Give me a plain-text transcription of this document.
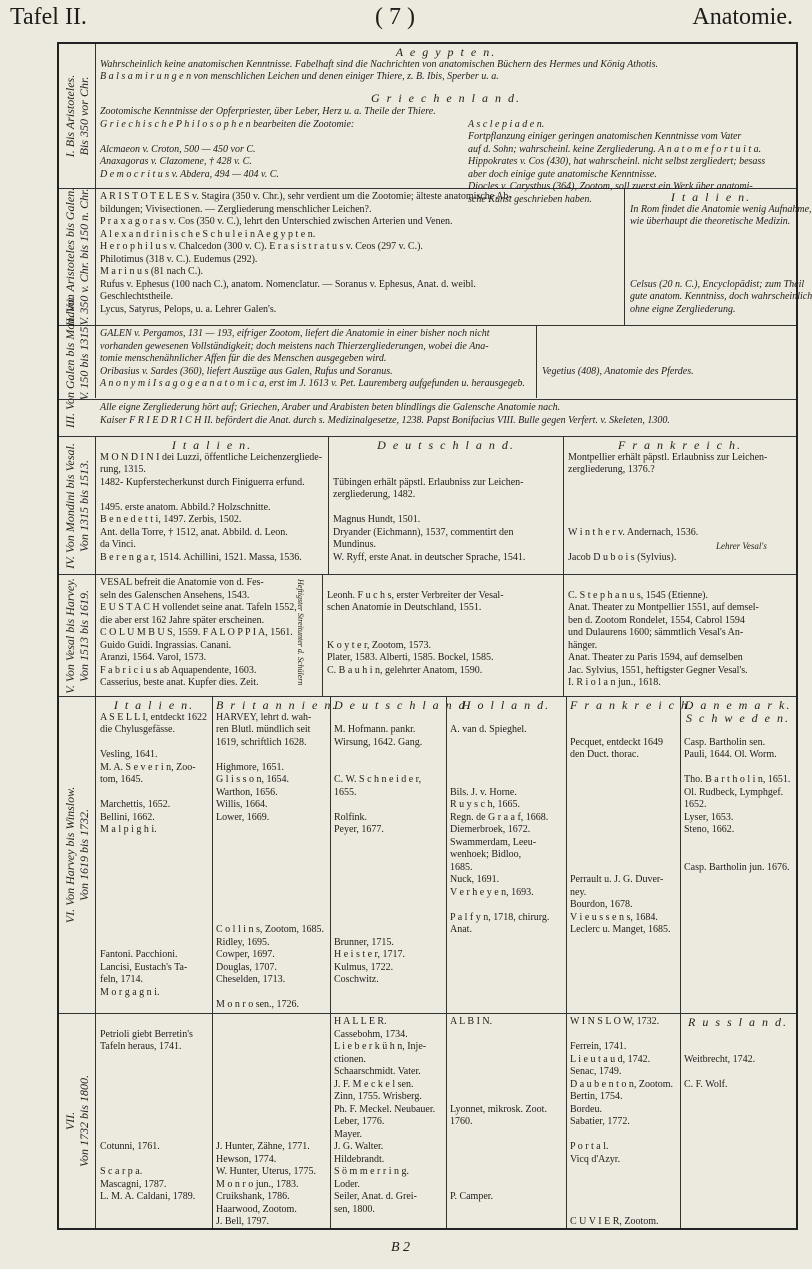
Tafel II.	( 7 )	Anatomie.
I. Bis Aristoteles. Bis 350 vor Chr.
A e g y p t e n.
Wahrscheinlich keine anatomischen Kenntnisse. Fabelhaft sind die Nachrichten von anatomischen Büchern des Hermes und König Athotis.
B a l s a m i r u n g e n von menschlichen Leichen und denen einiger Thiere, z. B. Ibis, Sperber u. a.
G r i e c h e n l a n d.
Zootomische Kenntnisse der Opferpriester, über Leber, Herz u. a. Theile der Thiere.
G r i e c h i s c h e P h i l o s o p h e n bearbeiten die Zootomie:

Alcmaeon v. Croton, 500 — 450 vor C.
Anaxagoras v. Clazomene, † 428 v. C.
D e m o c r i t u s v. Abdera, 494 — 404 v. C.

A s c l e p i a d e n.
Fortpflanzung einiger geringen anatomischen Kenntnisse vom Vater
auf d. Sohn; wahrscheinl. keine Zergliederung. A n a t o m e f o r t u i t a.
Hippokrates v. Cos (430), hat wahrscheinl. nicht selbst zergliedert; besass
aber doch einige gute anatomische Kenntnisse.
Diocles v. Carysthus (364), Zootom, soll zuerst ein Werk über anatomi-
sche Kunst geschrieben haben.
II. Von Aristoteles bis Galen. V. 350 v. Chr. bis 150 n. Chr. A R I S T O T E L E S v. Stagira (350 v. Chr.), sehr verdient um die Zootomie; älteste anatomische Ab-
bildungen; Vivisectionen. — Zergliederung menschlicher Leichen?.
P r a x a g o r a s v. Cos (350 v. C.), lehrt den Unterschied zwischen Arterien und Venen.
A l e x a n d r i n i s c h e S c h u l e i n A e g y p t e n.
H e r o p h i l u s v. Chalcedon (300 v. C). E r a s i s t r a t u s v. Ceos (297 v. C.).
Philotimus (318 v. C.). Eudemus (292).
M a r i n u s (81 nach C.).
Rufus v. Ephesus (100 nach C.), anatom. Nomenclatur. — Soranus v. Ephesus, Anat. d. weibl.
Geschlechtstheile.
Lycus, Satyrus, Pelops, u. a. Lehrer Galen's.
I t a l i e n.
In Rom findet die Anatomie wenig Aufnahme,
wie überhaupt die theoretische Medizin.

Celsus (20 n. C.), Encyclopädist; zum Theil
gute anatom. Kenntniss, doch wahrscheinlich
ohne eigne Zergliederung.
III. Von Galen bis Mondini. V. 150 bis 1315. GALEN v. Pergamos, 131 — 193, eifriger Zootom, liefert die Anatomie in einer bisher noch nicht
vorhanden gewesenen Vollständigkeit; doch meistens nach Thierzergliederungen, wobei die Ana-
tomie menschenähnlicher Affen für die des Menschen ausgegeben wird.
Oribasius v. Sardes (360), liefert Auszüge aus Galen, Rufus und Soranus.
A n o n y m i I s a g o g e a n a t o m i c a, erst im J. 1613 v. Pet. Lauremberg aufgefunden u. herausgegeb.

Vegetius (408), Anatomie des Pferdes.

Alle eigne Zergliederung hört auf; Griechen, Araber und Arabisten beten blindlings die Galensche Anatomie nach.
Kaiser F R I E D R I C H II. befördert die Anat. durch s. Medizinalgesetze, 1238. Papst Bonifacius VIII. Bulle gegen Verfert. v. Skeleten, 1300.
IV. Von Mondini bis Vesal. Von 1315 bis 1513.
I t a l i e n.
M O N D I N I dei Luzzi, öffentliche Leichenzergliede-
rung, 1315.
1482- Kupferstecherkunst durch Finiguerra erfund.

1495. erste anatom. Abbild.? Holzschnitte.
B e n e d e t t i, 1497. Zerbis, 1502.
Ant. della Torre, † 1512, anat. Abbild. d. Leon.
da Vinci.
B e r e n g a r, 1514. Achillini, 1521. Massa, 1536.
D e u t s c h l a n d.

Tübingen erhält päpstl. Erlaubniss zur Leichen-
zergliederung, 1482.

Magnus Hundt, 1501.
Dryander (Eichmann), 1537, commentirt den
Mundinus.
W. Ryff, erste Anat. in deutscher Sprache, 1541.
F r a n k r e i c h.
Montpellier erhält päpstl. Erlaubniss zur Leichen-
zergliederung, 1376.?

W i n t h e r v. Andernach, 1536.

Jacob D u b o i s (Sylvius).
Lehrer Vesal's
V. Von Vesal bis Harvey. Von 1513 bis 1619.
VESAL befreit die Anatomie von d. Fes-
seln des Galenschen Ansehens, 1543.
E U S T A C H vollendet seine anat. Tafeln 1552,
die aber erst 162 Jahre später erscheinen.
C O L U M B U S, 1559. F A L O P P I A, 1561.
Guido Guidi. Ingrassias. Canani.
Aranzi, 1564. Varol, 1573.
F a b r i c i u s ab Aquapendente, 1603.
Casserius, beste anat. Kupfer dies. Zeit.
Heftigster Streitunter d. Schülern

Leonh. F u c h s, erster Verbreiter der Vesal-
schen Anatomie in Deutschland, 1551.

K o y t e r, Zootom, 1573.
Plater, 1583. Alberti, 1585. Bockel, 1585.
C. B a u h i n, gelehrter Anatom, 1590.

C. S t e p h a n u s, 1545 (Etienne).
Anat. Theater zu Montpellier 1551, auf demsel-
ben d. Zootom Rondelet, 1554, Cabrol 1594
und Dulaurens 1600; sämmtlich Vesal's An-
hänger.
Anat. Theater zu Paris 1594, auf demselben
Jac. Sylvius, 1551, heftigster Gegner Vesal's.
I. R i o l a n jun., 1618.
VI. Von Harvey bis Winslow. Von 1619 bis 1732.
I t a l i e n.
A S E L L I, entdeckt 1622
die Chylusgefässe.

Vesling, 1641.
M. A. S e v e r i n, Zoo-
tom, 1645.

Marchettis, 1652.
Bellini, 1662.
M a l p i g h i.

Fantoni. Pacchioni.
Lancisi, Eustach's Ta-
feln, 1714.
M o r g a g n i.
B r i t a n n i e n.
HARVEY, lehrt d. wah-
ren Blutl. mündlich seit
1619, schriftlich 1628.

Highmore, 1651.
G l i s s o n, 1654.
Warthon, 1656.
Willis, 1664.
Lower, 1669.

C o l l i n s, Zootom, 1685.
Ridley, 1695.
Cowper, 1697.
Douglas, 1707.
Cheselden, 1713.

M o n r o sen., 1726.
D e u t s c h l a n d.

M. Hofmann. pankr.
Wirsung, 1642. Gang.

C. W. S c h n e i d e r,
1655.

Rolfink.
Peyer, 1677.

Brunner, 1715.
H e i s t e r, 1717.
Kulmus, 1722.
Coschwitz.
H o l l a n d.

A. van d. Spieghel.

Bils. J. v. Horne.
R u y s c h, 1665.
Regn. de G r a a f, 1668.
Diemerbroek, 1672.
Swammerdam, Leeu-
wenhoek; Bidloo,
1685.
Nuck, 1691.
V e r h e y e n, 1693.

P a l f y n, 1718, chirurg.
Anat.
F r a n k r e i c h.

Pecquet, entdeckt 1649
den Duct. thorac.

Perrault u. J. G. Duver-
ney.
Bourdon, 1678.
V i e u s s e n s, 1684.
Leclerc u. Manget, 1685.
D a n e m a r k.
S c h w e d e n.

Casp. Bartholin sen.
Pauli, 1644. Ol. Worm.

Tho. B a r t h o l i n, 1651.
Ol. Rudbeck, Lymphgef.
1652.
Lyser, 1653.
Steno, 1662.

Casp. Bartholin jun. 1676.
VII. Von 1732 bis 1800.

Petrioli giebt Berretin's
Tafeln heraus, 1741.

Cotunni, 1761.

S c a r p a.
Mascagni, 1787.
L. M. A. Caldani, 1789.

J. Hunter, Zähne, 1771.
Hewson, 1774.
W. Hunter, Uterus, 1775.
M o n r o jun., 1783.
Cruikshank, 1786.
Haarwood, Zootom.
J. Bell, 1797.
H A L L E R.
Cassebohm, 1734.
L i e b e r k ü h n, Inje-
ctionen.
Schaarschmidt. Vater.
J. F. M e c k e l sen.
Zinn, 1755. Wrisberg.
Ph. F. Meckel. Neubauer.
Leber, 1776.
Mayer.
J. G. Walter.
Hildebrandt.
S ö m m e r r i n g.
Loder.
Seiler, Anat. d. Grei-
sen, 1800.
A L B I N.

Lyonnet, mikrosk. Zoot.
1760.

P. Camper.
W I N S L O W, 1732.

Ferrein, 1741.
L i e u t a u d, 1742.
Senac, 1749.
D a u b e n t o n, Zootom.
Bertin, 1754.
Bordeu.
Sabatier, 1772.

P o r t a l.
Vicq d'Azyr.

C U V I E R, Zootom.
R u s s l a n d.

Weitbrecht, 1742.

C. F. Wolf.
B 2
